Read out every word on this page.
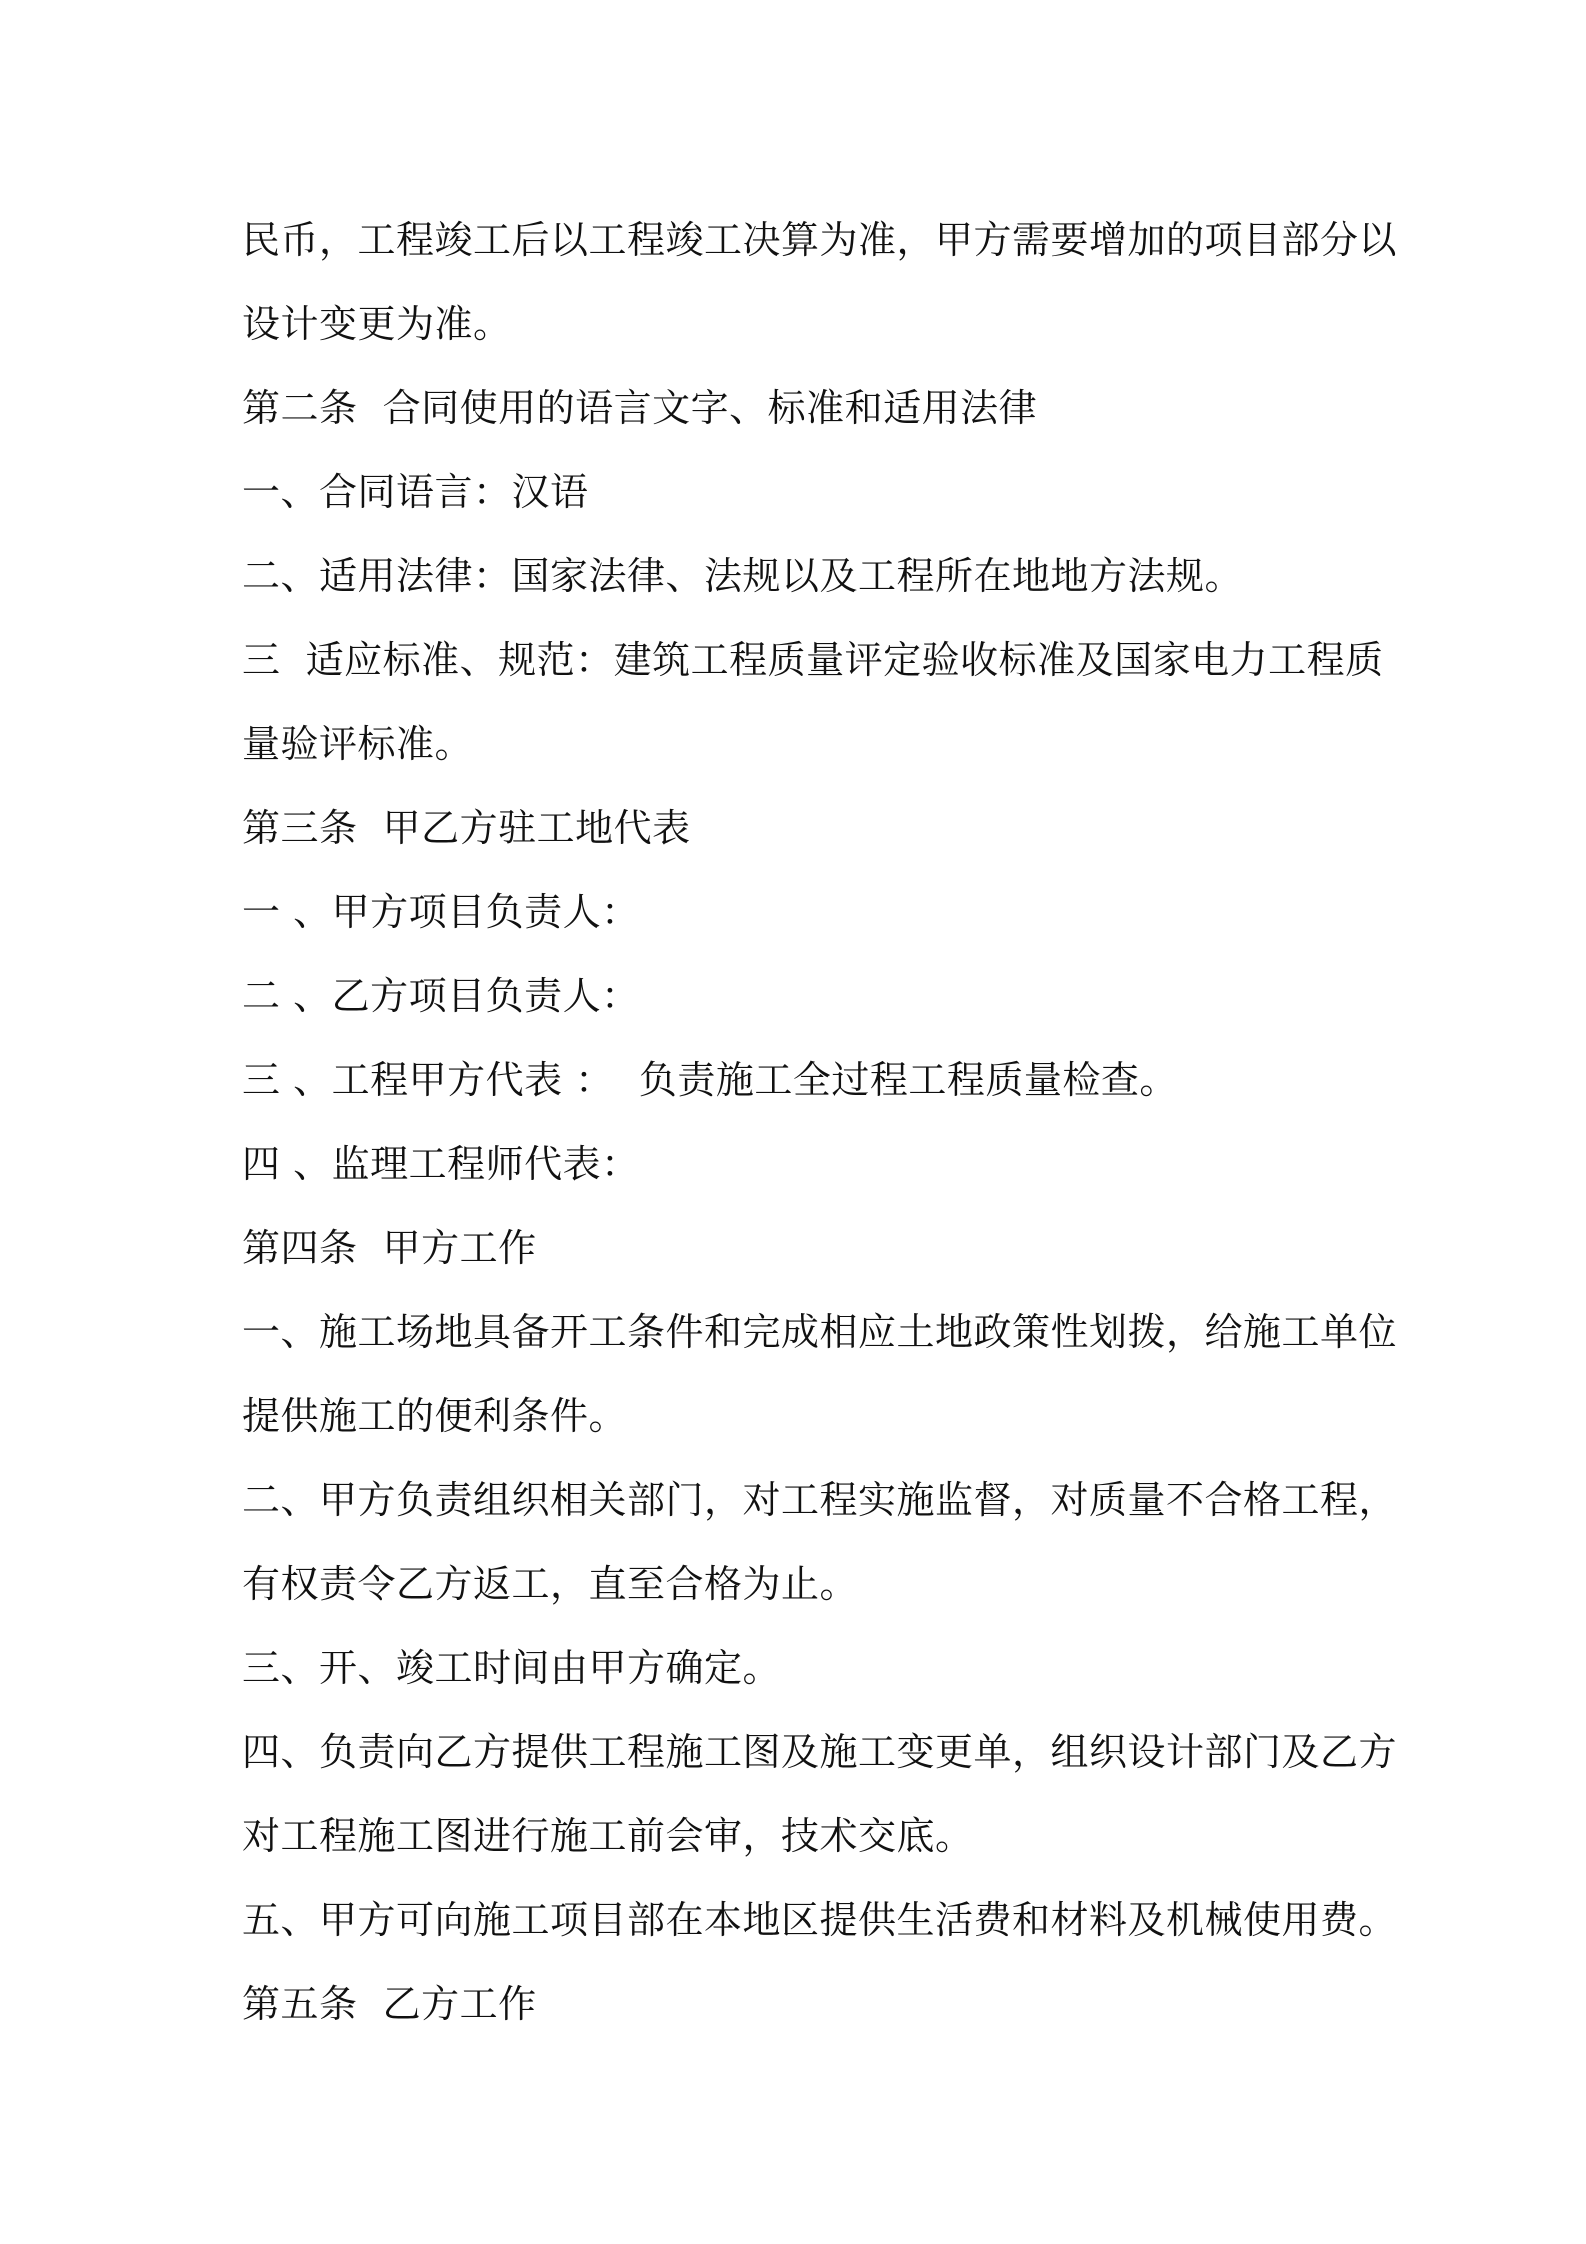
民币，工程竣工后以工程竣工决算为准，甲方需要增加的项目部分以

设计变更为准。

第二条  合同使用的语言文字、标准和适用法律

一、合同语言：汉语

二、适用法律：国家法律、法规以及工程所在地地方法规。

三  适应标准、规范：建筑工程质量评定验收标准及国家电力工程质

量验评标准。

第三条  甲乙方驻工地代表

一 、甲方项目负责人：

二 、乙方项目负责人：

三 、工程甲方代表 ：  负责施工全过程工程质量检查。

四 、监理工程师代表：

第四条  甲方工作

一、施工场地具备开工条件和完成相应土地政策性划拨，给施工单位

提供施工的便利条件。

二、甲方负责组织相关部门，对工程实施监督，对质量不合格工程，

有权责令乙方返工，直至合格为止。

三、开、竣工时间由甲方确定。

四、负责向乙方提供工程施工图及施工变更单，组织设计部门及乙方

对工程施工图进行施工前会审，技术交底。

五、甲方可向施工项目部在本地区提供生活费和材料及机械使用费。

第五条  乙方工作
